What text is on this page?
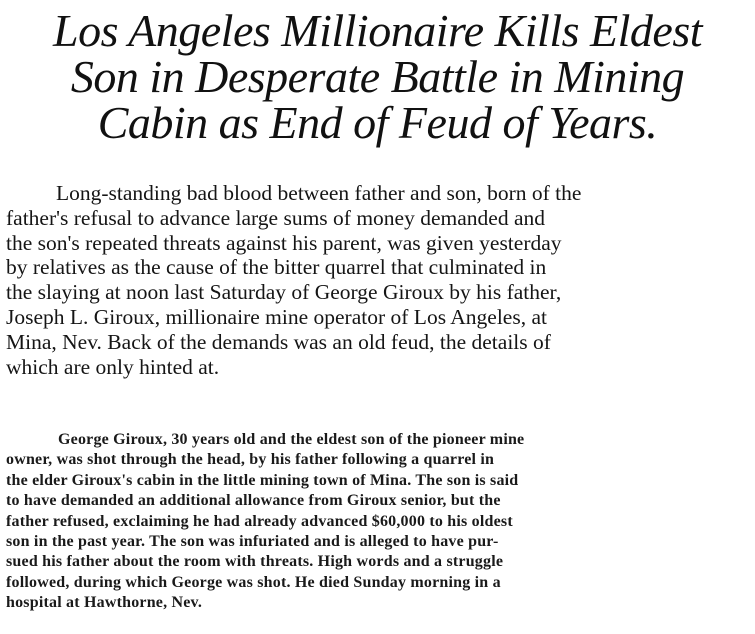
Los Angeles Millionaire Kills Eldest
Son in Desperate Battle in Mining
Cabin as End of Feud of Years.

Long-standing bad blood between father and son, born of the
father's refusal to advance large sums of money demanded and
the son's repeated threats against his parent, was given yesterday
by relatives as the cause of the bitter quarrel that culminated in
the slaying at noon last Saturday of George Giroux by his father,
Joseph L. Giroux, millionaire mine operator of Los Angeles, at
Mina, Nev. Back of the demands was an old feud, the details of
which are only hinted at.

George Giroux, 30 years old and the eldest son of the pioneer mine
owner, was shot through the head, by his father following a quarrel in
the elder Giroux's cabin in the little mining town of Mina. The son is said
to have demanded an additional allowance from Giroux senior, but the
father refused, exclaiming he had already advanced $60,000 to his oldest
son in the past year. The son was infuriated and is alleged to have pur-
sued his father about the room with threats. High words and a struggle
followed, during which George was shot. He died Sunday morning in a
hospital at Hawthorne, Nev.
